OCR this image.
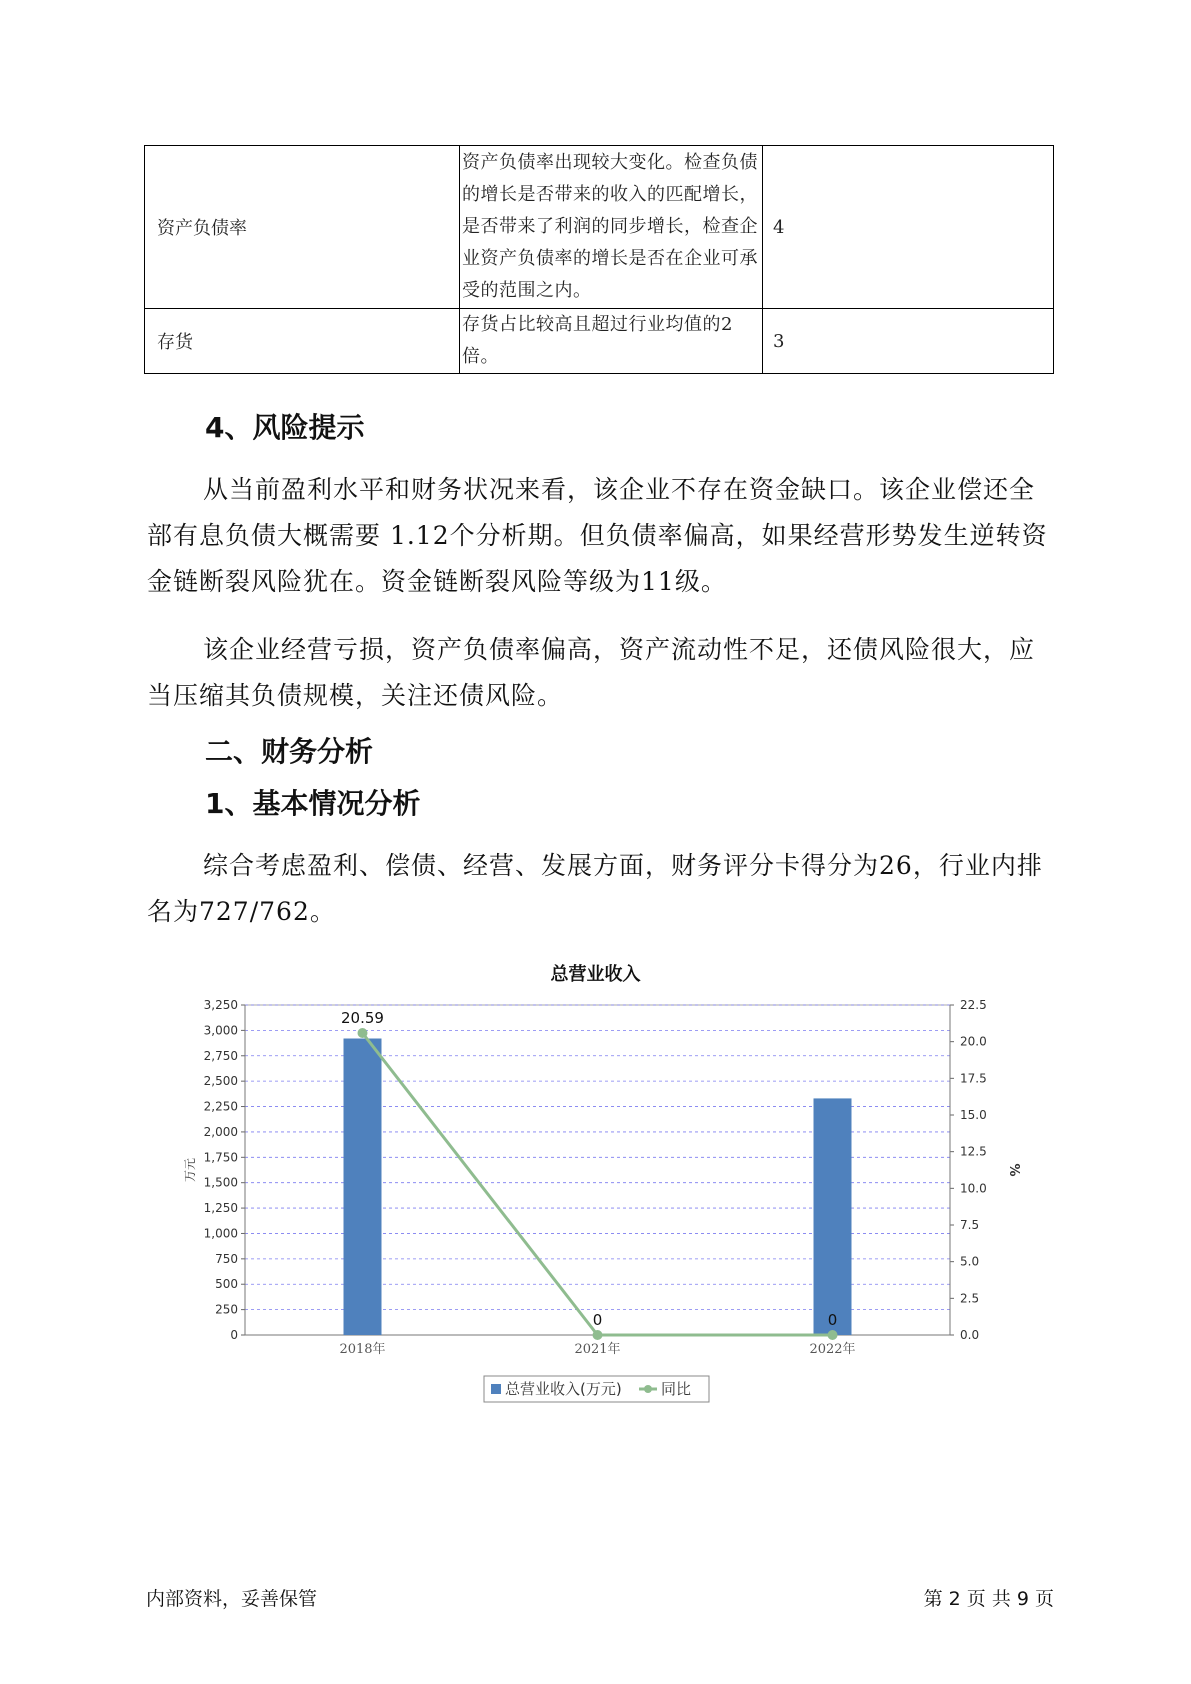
资产负债率	资产负债率出现较大变化。检查负债的增长是否带来的收入的匹配增长，是否带来了利润的同步增长，检查企业资产负债率的增长是否在企业可承受的范围之内。	4
存货	存货占比较高且超过行业均值的2倍。	3
4、风险提示

从当前盈利水平和财务状况来看，该企业不存在资金缺口。该企业偿还全部有息负债大概需要 1.12个分析期。但负债率偏高，如果经营形势发生逆转资金链断裂风险犹在。资金链断裂风险等级为11级。

该企业经营亏损，资产负债率偏高，资产流动性不足，还债风险很大，应当压缩其负债规模，关注还债风险。

二、财务分析
1、基本情况分析

综合考虑盈利、偿债、经营、发展方面，财务评分卡得分为26，行业内排名为727/762。

总营业收入
0
250
500
750
1,000
1,250
1,500
1,750
2,000
2,250
2,500
2,750
3,000
3,250
0.0
2.5
5.0
7.5
10.0
12.5
15.0
17.5
20.0
22.5
万元	%
2018年	2021年	2022年
20.59
0	0
总营业收入(万元)	同比
内部资料，妥善保管	第 2 页 共 9 页
